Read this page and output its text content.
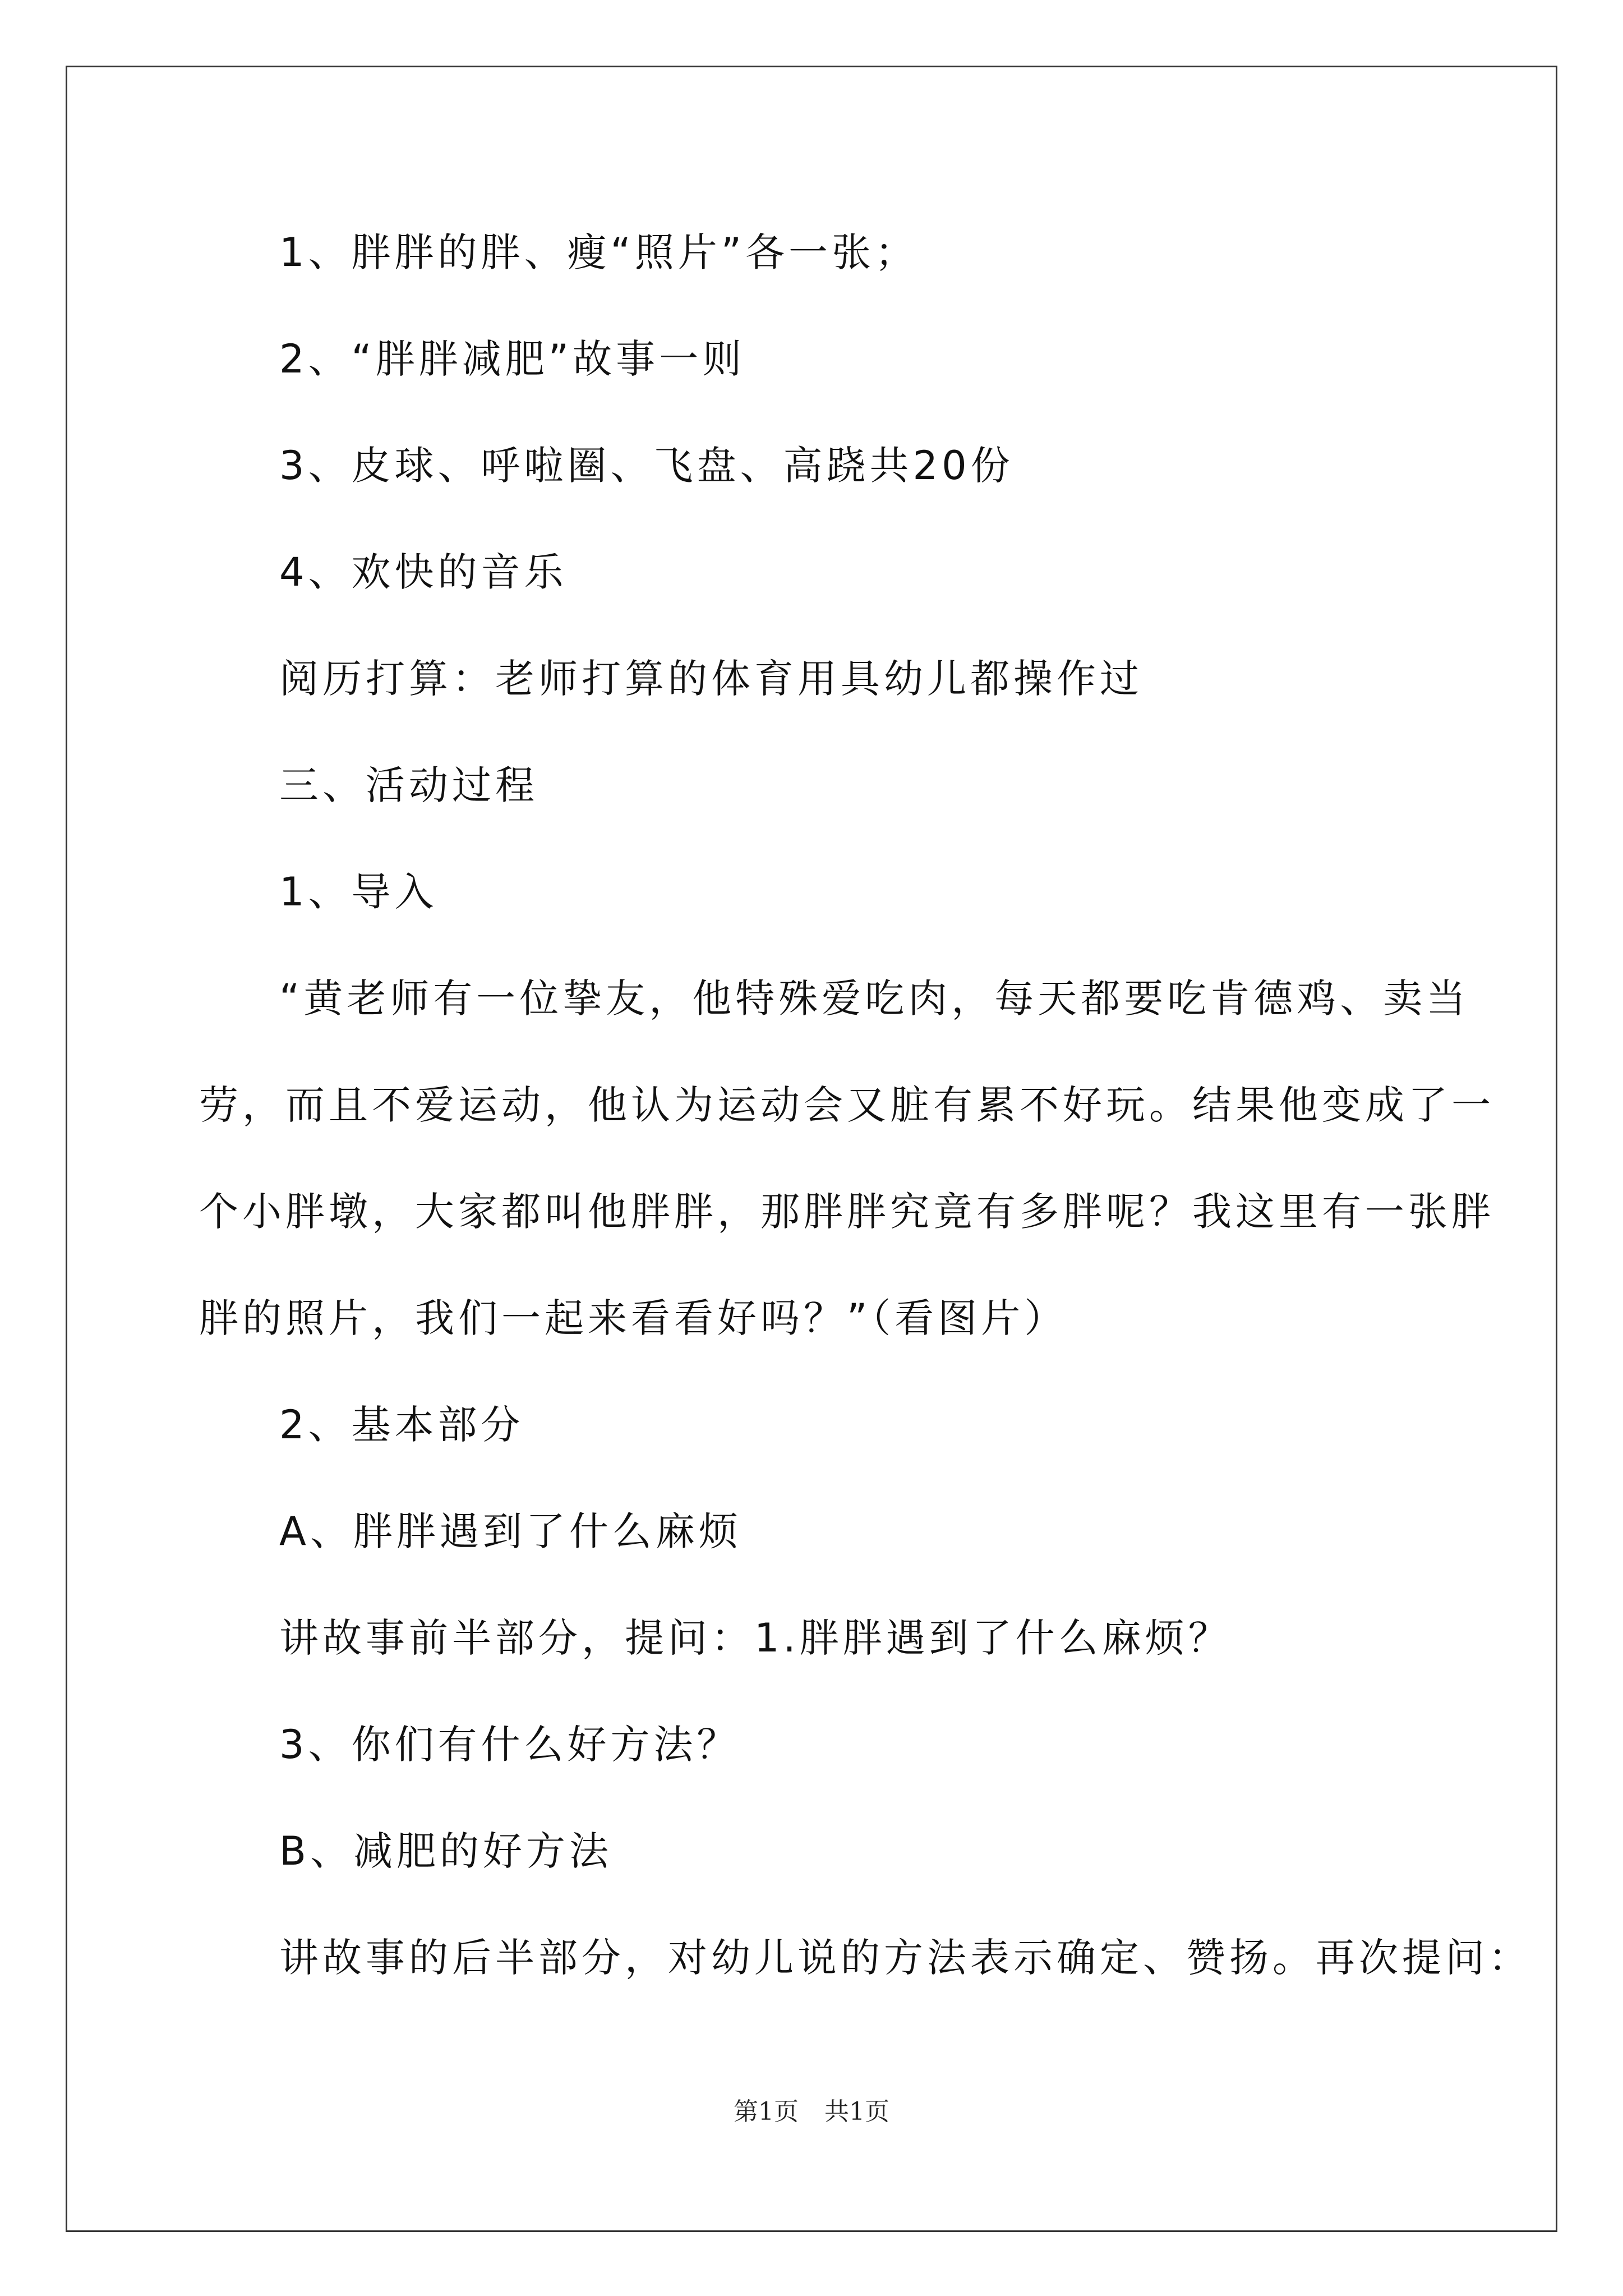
1、胖胖的胖、瘦“照片”各一张；
2、“胖胖减肥”故事一则
3、皮球、呼啦圈、飞盘、高跷共20份
4、欢快的音乐
阅历打算：老师打算的体育用具幼儿都操作过
三、活动过程
1、导入
“黄老师有一位挚友，他特殊爱吃肉，每天都要吃肯德鸡、卖当
劳，而且不爱运动，他认为运动会又脏有累不好玩。结果他变成了一
个小胖墩，大家都叫他胖胖，那胖胖究竟有多胖呢？我这里有一张胖
胖的照片，我们一起来看看好吗？”（看图片）
2、基本部分
A、胖胖遇到了什么麻烦
讲故事前半部分，提问：1.胖胖遇到了什么麻烦？
3、你们有什么好方法？
B、减肥的好方法
讲故事的后半部分，对幼儿说的方法表示确定、赞扬。再次提问：
第1页 共1页
